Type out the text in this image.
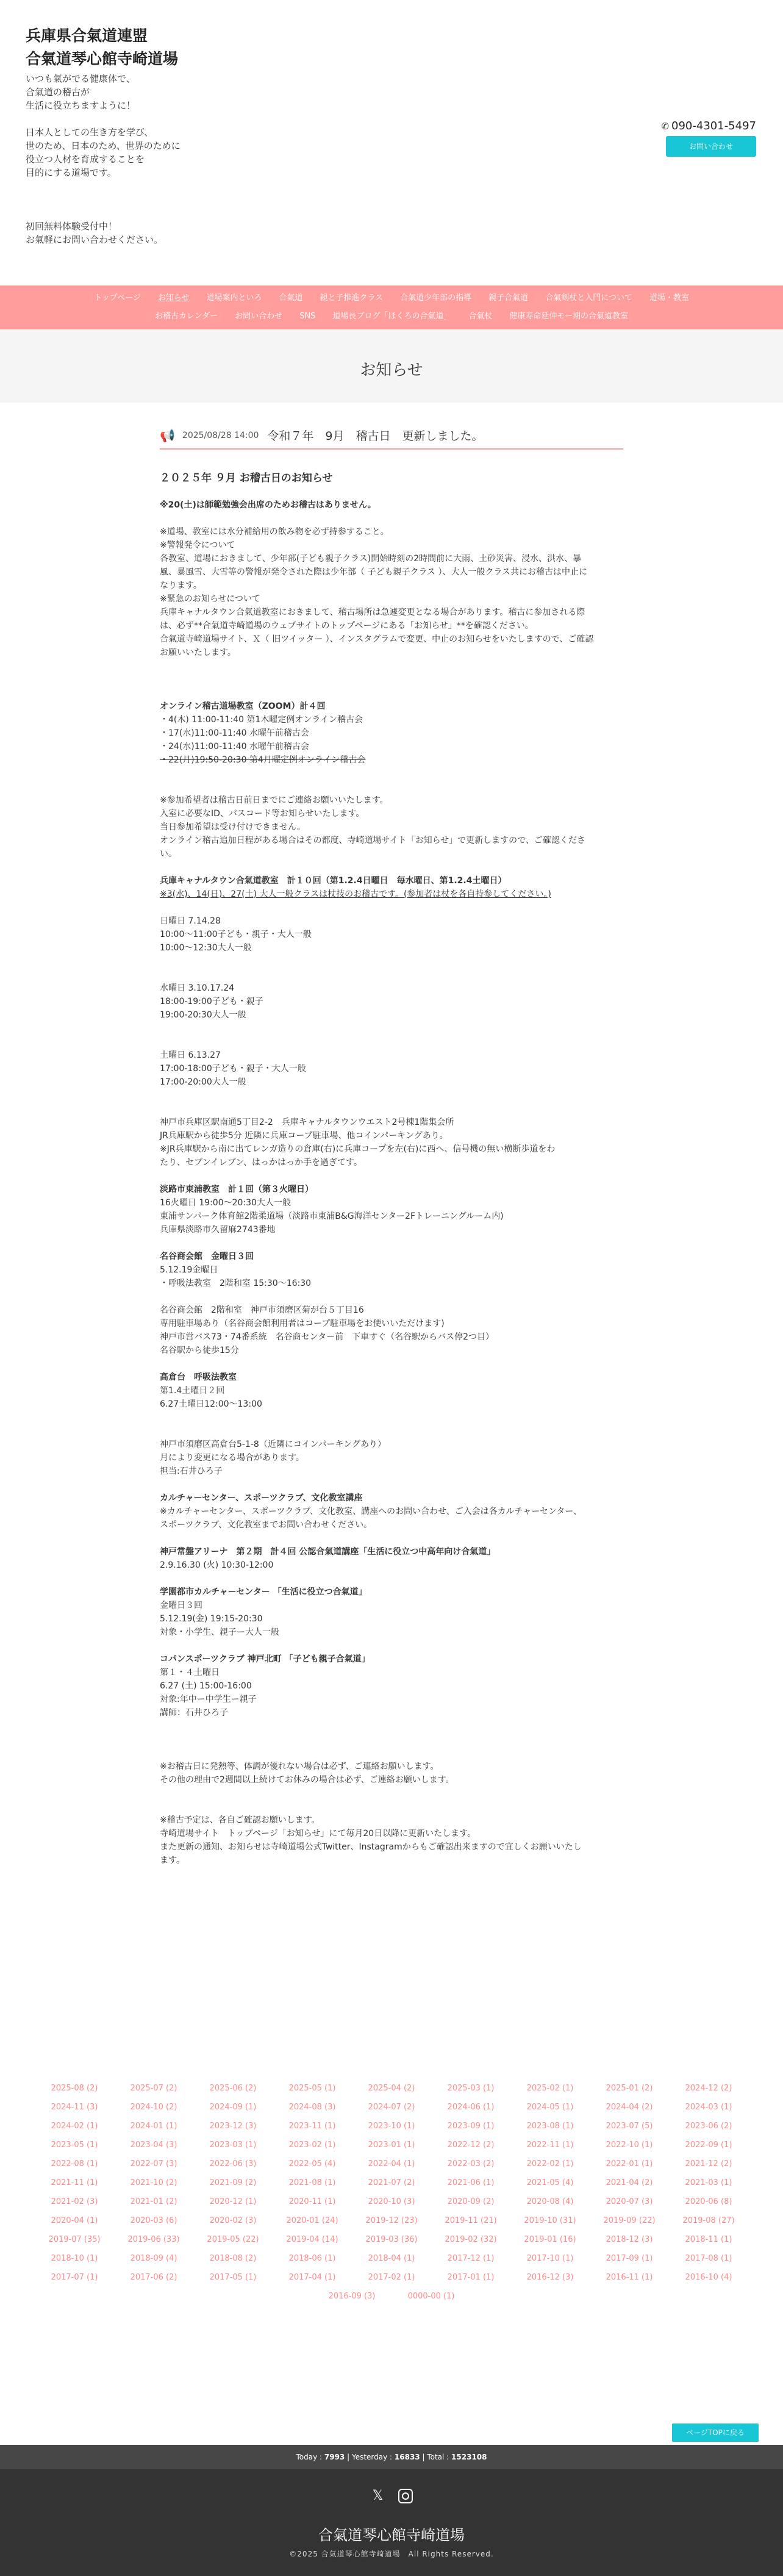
兵庫県合氣道連盟
合氣道琴心館寺崎道場
いつも氣がでる健康体で、
合氣道の稽古が
生活に役立ちますように！
日本人としての生き方を学び、
世のため、日本のため、世界のために
役立つ人材を育成することを
目的にする道場です。
初回無料体験受付中！
お氣軽にお問い合わせください。
✆ 090-4301-5497
お問い合わせ
トップページ	お知らせ	道場案内といろ	合氣道	親と子推進クラス	合氣道少年部の指導	親子合氣道	合氣剣杖と入門について	道場・教室
お稽古カレンダー	お問い合わせ	SNS	道場長ブログ「ほくろの合氣道」	合氣杖	健康寿命延伸モー期の合氣道教室
お知らせ
📢 2025/08/28 14:00 令和７年　9月　稽古日　更新しました。
２０２５年 ９月 お稽古日のお知らせ
※20(土)は師範勉強会出席のためお稽古はありません。
※道場、教室には水分補給用の飲み物を必ず持参すること。
※警報発令について
各教室、道場におきまして、少年部(子ども親子クラス)開始時刻の2時間前に大雨、土砂災害、浸水、洪水、暴
風、暴風雪、大雪等の警報が発令された際は少年部（ 子ども親子クラス ）、大人一般クラス共にお稽古は中止に
なります。
※緊急のお知らせについて
兵庫キャナルタウン合氣道教室におきまして、稽古場所は急遽変更となる場合があります。稽古に参加される際
は、必ず**合氣道寺崎道場のウェブサイトのトップページにある「お知らせ」**を確認ください。
合氣道寺崎道場サイト、Ｘ（ 旧ツイッター ）、インスタグラムで変更、中止のお知らせをいたしますので、ご確認
お願いいたします。
オンライン稽古道場教室（ZOOM）計４回
・4(木) 11:00-11:40 第1木曜定例オンライン稽古会
・17(水)11:00-11:40 水曜午前稽古会
・24(水)11:00-11:40 水曜午前稽古会
・22(月)19:50-20:30 第4月曜定例オンライン稽古会
※参加希望者は稽古日前日までにご連絡お願いいたします。
入室に必要なID、パスコード等お知らせいたします。
当日参加希望は受け付けできません。
オンライン稽古追加日程がある場合はその都度、寺崎道場サイト「お知らせ」で更新しますので、ご確認くださ
い。
兵庫キャナルタウン合氣道教室　計１０回（第1.2.4日曜日　毎水曜日、第1.2.4土曜日）
※3(水)、14(日)、27(土) 大人一般クラスは杖技のお稽古です。(参加者は杖を各自持参してください。)
日曜日 7.14.28
10:00〜11:00子ども・親子・大人一般
10:00〜12:30大人一般
水曜日 3.10.17.24
18:00-19:00子ども・親子
19:00-20:30大人一般
土曜日 6.13.27
17:00-18:00子ども・親子・大人一般
17:00-20:00大人一般
神戸市兵庫区駅南通5丁目2-2　兵庫キャナルタウンウエスト2号棟1階集会所
JR兵庫駅から徒歩5分 近隣に兵庫コープ駐車場、他コインパーキングあり。
※JR兵庫駅から南に出てレンガ造りの倉庫(右)に兵庫コープを左(右)に西へ、信号機の無い横断歩道をわ
たり、セブンイレブン、はっかはっか手を過ぎてす。
淡路市東浦教室　計１回（第３火曜日）
16火曜日 19:00〜20:30大人一般
東浦サンパーク体育館2階柔道場（淡路市東浦B&G海洋センター2Fトレーニングルーム内)
兵庫県淡路市久留麻2743番地
名谷商会館　金曜日３回
5.12.19金曜日
・呼吸法教室　2階和室 15:30〜16:30
名谷商会館　2階和室　神戸市須磨区菊が台５丁目16
専用駐車場あり（名谷商会館利用者はコープ駐車場をお使いいただけます)
神戸市営バス73・74番系統　名谷商センター前　下車すぐ（名谷駅からバス停2つ目）
名谷駅から徒歩15分
高倉台　呼吸法教室
第1.4土曜日２回
6.27土曜日12:00〜13:00
神戸市須磨区高倉台5-1-8（近隣にコインパーキングあり）
月により変更になる場合があります。
担当:石井ひろ子
カルチャーセンター、スポーツクラブ、文化教室講座
※カルチャーセンター、スポーツクラブ、文化教室、講座へのお問い合わせ、ご入会は各カルチャーセンター、
スポーツクラブ、文化教室までお問い合わせください。
神戸常盤アリーナ　第２期　計４回 公認合氣道講座「生活に役立つ中高年向け合氣道」
2.9.16.30 (火) 10:30-12:00
学園都市カルチャーセンター 「生活に役立つ合氣道」
金曜日３回
5.12.19(金) 19:15-20:30
対象・小学生、親子ー大人一般
コパンスポーツクラブ 神戸北町 「子ども親子合氣道」
第１・４土曜日
6.27 (土) 15:00-16:00
対象:年中ー中学生ー親子
講師：石井ひろ子
※お稽古日に発熱等、体調が優れない場合は必ず、ご連絡お願いします。
その他の理由で2週間以上続けてお休みの場合は必ず、ご連絡お願いします。
※稽古予定は、各自ご確認お願いします。
寺崎道場サイト　トップページ「お知らせ」にて毎月20日以降に更新いたします。
また更新の通知、お知らせは寺崎道場公式Twitter、Instagramからもご確認出来ますので宜しくお願いいたし
ます。
2025-08 (2)	2025-07 (2)	2025-06 (2)	2025-05 (1)	2025-04 (2)	2025-03 (1)	2025-02 (1)	2025-01 (2)	2024-12 (2)
2024-11 (3)	2024-10 (2)	2024-09 (1)	2024-08 (3)	2024-07 (2)	2024-06 (1)	2024-05 (1)	2024-04 (2)	2024-03 (1)
2024-02 (1)	2024-01 (1)	2023-12 (3)	2023-11 (1)	2023-10 (1)	2023-09 (1)	2023-08 (1)	2023-07 (5)	2023-06 (2)
2023-05 (1)	2023-04 (3)	2023-03 (1)	2023-02 (1)	2023-01 (1)	2022-12 (2)	2022-11 (1)	2022-10 (1)	2022-09 (1)
2022-08 (1)	2022-07 (3)	2022-06 (3)	2022-05 (4)	2022-04 (1)	2022-03 (2)	2022-02 (1)	2022-01 (1)	2021-12 (2)
2021-11 (1)	2021-10 (2)	2021-09 (2)	2021-08 (1)	2021-07 (2)	2021-06 (1)	2021-05 (4)	2021-04 (2)	2021-03 (1)
2021-02 (3)	2021-01 (2)	2020-12 (1)	2020-11 (1)	2020-10 (3)	2020-09 (2)	2020-08 (4)	2020-07 (3)	2020-06 (8)
2020-04 (1)	2020-03 (6)	2020-02 (3)	2020-01 (24)	2019-12 (23)	2019-11 (21)	2019-10 (31)	2019-09 (22)	2019-08 (27)
2019-07 (35)	2019-06 (33)	2019-05 (22)	2019-04 (14)	2019-03 (36)	2019-02 (32)	2019-01 (16)	2018-12 (3)	2018-11 (1)
2018-10 (1)	2018-09 (4)	2018-08 (2)	2018-06 (1)	2018-04 (1)	2017-12 (1)	2017-10 (1)	2017-09 (1)	2017-08 (1)
2017-07 (1)	2017-06 (2)	2017-05 (1)	2017-04 (1)	2017-02 (1)	2017-01 (1)	2016-12 (3)	2016-11 (1)	2016-10 (4)
2016-09 (3)	0000-00 (1)
ページTOPに戻る
Today : 7993 | Yesterday : 16833 | Total : 1523108
𝕏
合氣道琴心館寺崎道場
©2025 合氣道琴心館寺崎道場　All Rights Reserved.
